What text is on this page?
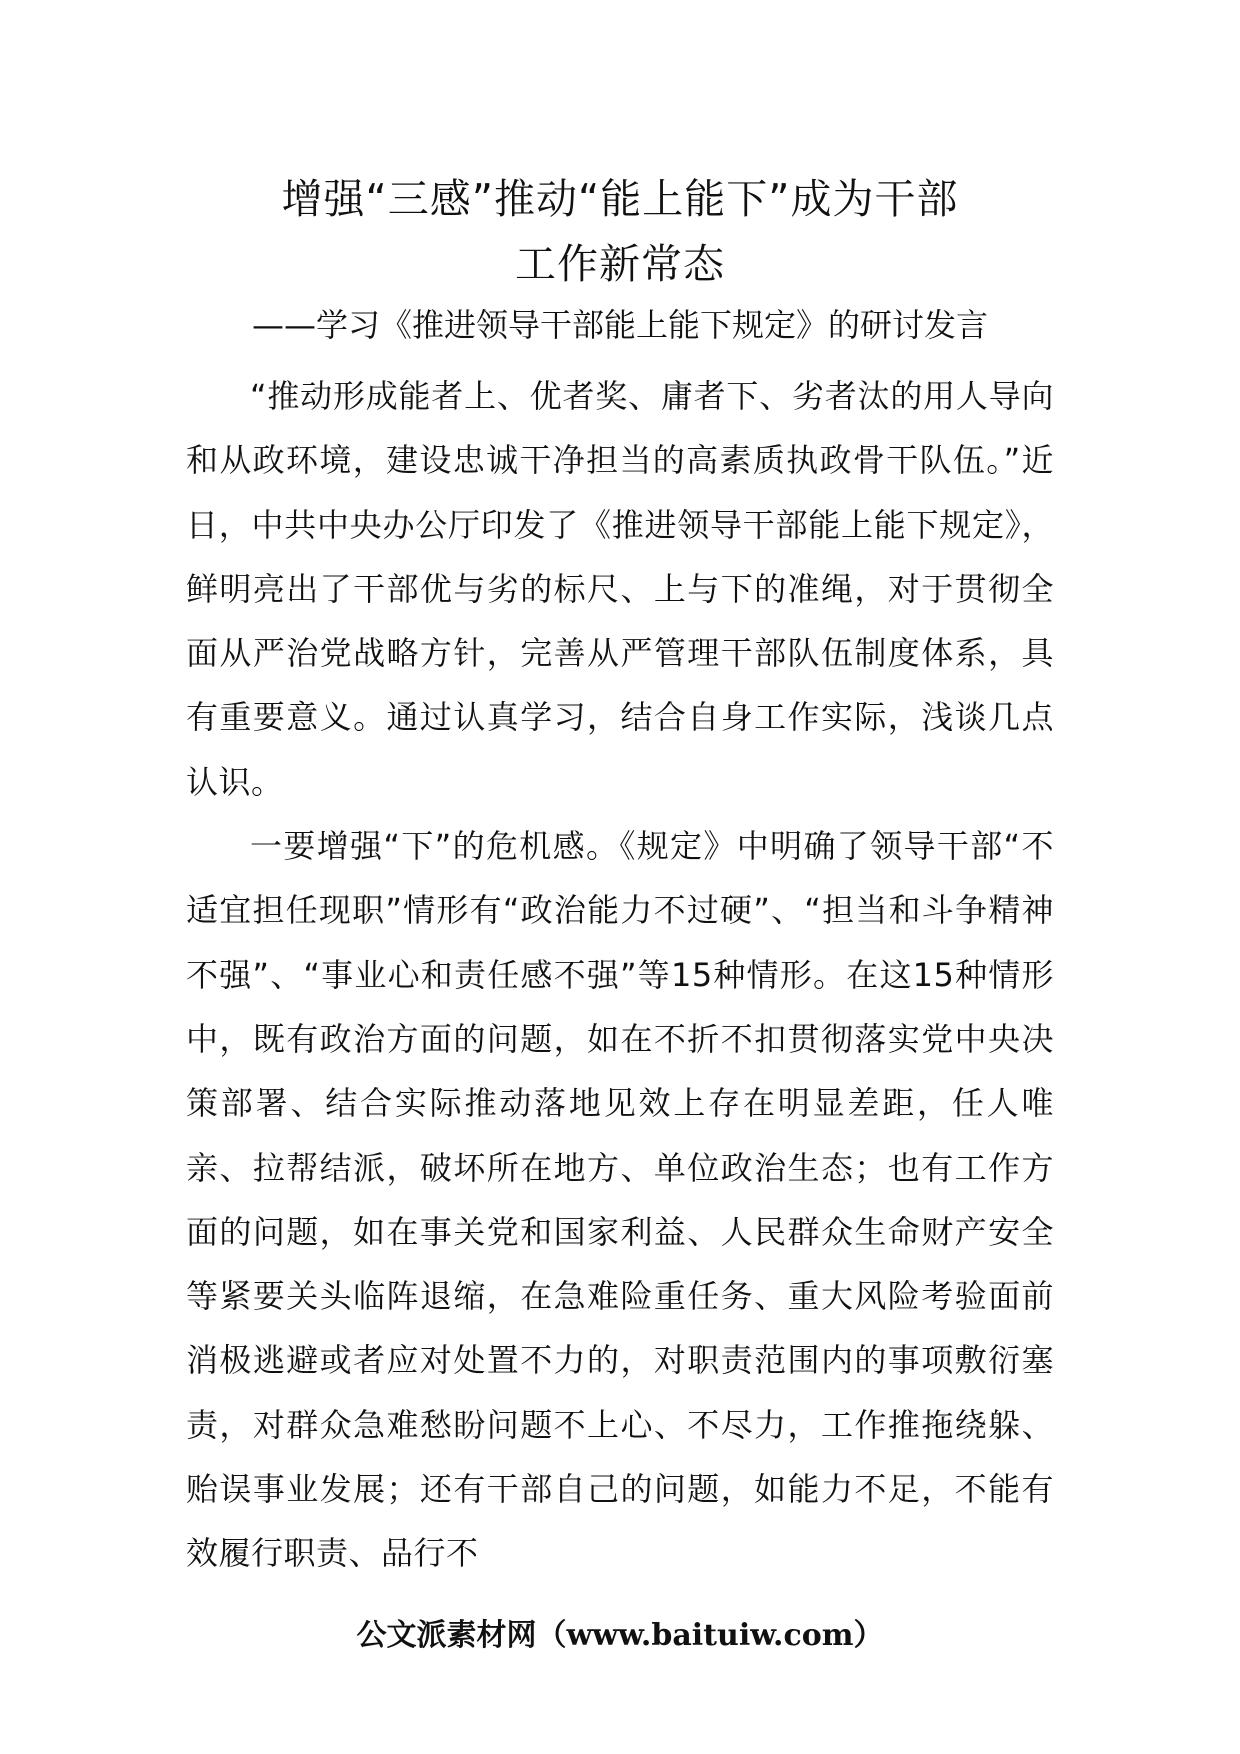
增强“三感”推动“能上能下”成为干部
工作新常态

——学习《推进领导干部能上能下规定》的研讨发言

“推动形成能者上、优者奖、庸者下、劣者汰的用人导向和从政环境，建设忠诚干净担当的高素质执政骨干队伍。”近日，中共中央办公厅印发了《推进领导干部能上能下规定》，鲜明亮出了干部优与劣的标尺、上与下的准绳，对于贯彻全面从严治党战略方针，完善从严管理干部队伍制度体系，具有重要意义。通过认真学习，结合自身工作实际，浅谈几点认识。

一要增强“下”的危机感。《规定》中明确了领导干部“不适宜担任现职”情形有“政治能力不过硬”、“担当和斗争精神不强”、“事业心和责任感不强”等15种情形。在这15种情形中，既有政治方面的问题，如在不折不扣贯彻落实党中央决策部署、结合实际推动落地见效上存在明显差距，任人唯亲、拉帮结派，破坏所在地方、单位政治生态；也有工作方面的问题，如在事关党和国家利益、人民群众生命财产安全等紧要关头临阵退缩，在急难险重任务、重大风险考验面前消极逃避或者应对处置不力的，对职责范围内的事项敷衍塞责，对群众急难愁盼问题不上心、不尽力，工作推拖绕躲、贻误事业发展；还有干部自己的问题，如能力不足，不能有效履行职责、品行不

公文派素材网（www.baituiw.com）
